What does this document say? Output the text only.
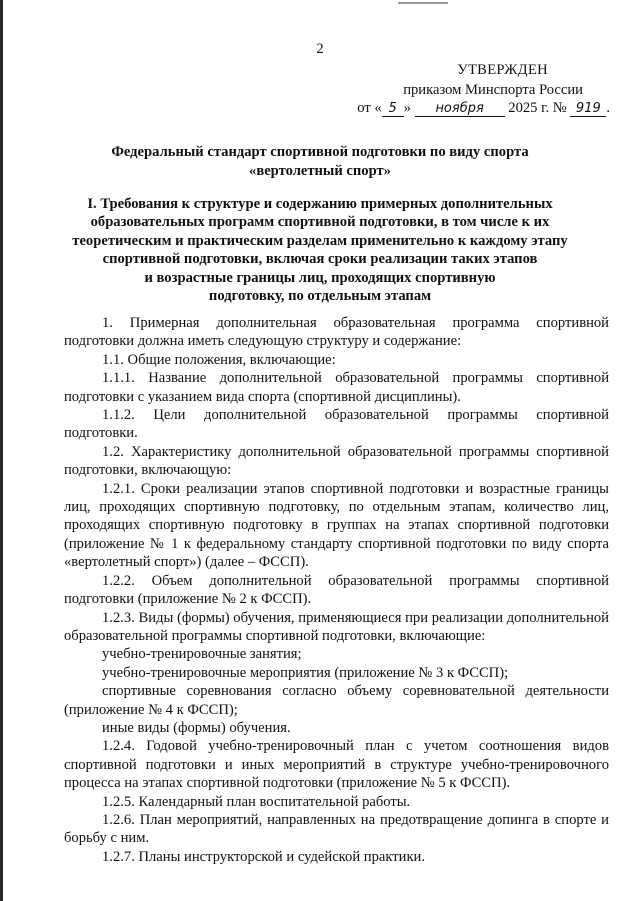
2
УТВЕРЖДЕН
приказом Минспорта России
от « 5 » ноября 2025 г. № 919 .
Федеральный стандарт спортивной подготовки по виду спорта
«вертолетный спорт»
I. Требования к структуре и содержанию примерных дополнительных
образовательных программ спортивной подготовки, в том числе к их
теоретическим и практическим разделам применительно к каждому этапу
спортивной подготовки, включая сроки реализации таких этапов
и возрастные границы лиц, проходящих спортивную
подготовку, по отдельным этапам

1. Примерная дополнительная образовательная программа спортивной подготовки должна иметь следующую структуру и содержание:

1.1. Общие положения, включающие:

1.1.1. Название дополнительной образовательной программы спортивной подготовки с указанием вида спорта (спортивной дисциплины).

1.1.2. Цели дополнительной образовательной программы спортивной подготовки.

1.2. Характеристику дополнительной образовательной программы спортивной подготовки, включающую:

1.2.1. Сроки реализации этапов спортивной подготовки и возрастные границы лиц, проходящих спортивную подготовку, по отдельным этапам, количество лиц, проходящих спортивную подготовку в группах на этапах спортивной подготовки (приложение № 1 к федеральному стандарту спортивной подготовки по виду спорта «вертолетный спорт») (далее – ФССП).

1.2.2. Объем дополнительной образовательной программы спортивной подготовки (приложение № 2 к ФССП).

1.2.3. Виды (формы) обучения, применяющиеся при реализации дополнительной образовательной программы спортивной подготовки, включающие:

учебно-тренировочные занятия;

учебно-тренировочные мероприятия (приложение № 3 к ФССП);

спортивные соревнования согласно объему соревновательной деятельности (приложение № 4 к ФССП);

иные виды (формы) обучения.

1.2.4. Годовой учебно-тренировочный план с учетом соотношения видов спортивной подготовки и иных мероприятий в структуре учебно-тренировочного процесса на этапах спортивной подготовки (приложение № 5 к ФССП).

1.2.5. Календарный план воспитательной работы.

1.2.6. План мероприятий, направленных на предотвращение допинга в спорте и борьбу с ним.

1.2.7. Планы инструкторской и судейской практики.
